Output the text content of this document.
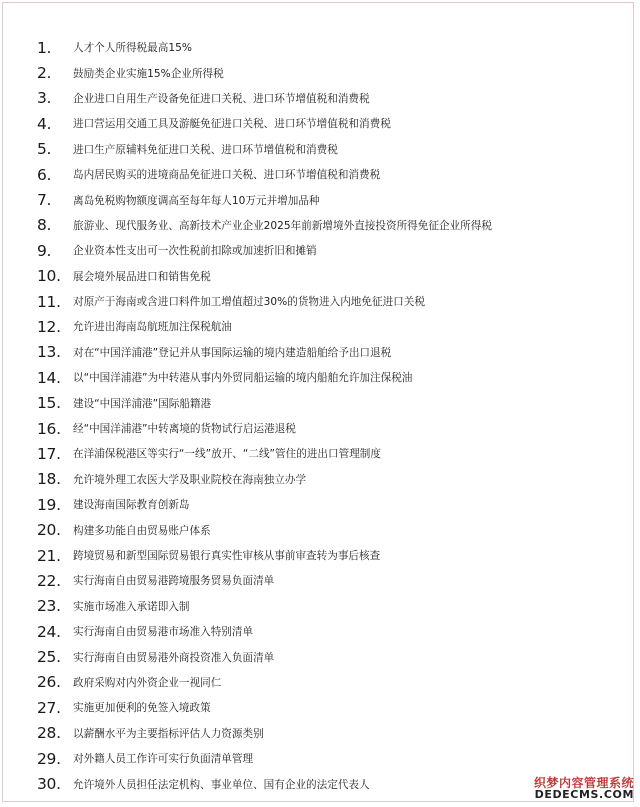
1. 人才个人所得税最高15%
2. 鼓励类企业实施15%企业所得税
3. 企业进口自用生产设备免征进口关税、进口环节增值税和消费税
4. 进口营运用交通工具及游艇免征进口关税、进口环节增值税和消费税
5. 进口生产原辅料免征进口关税、进口环节增值税和消费税
6. 岛内居民购买的进境商品免征进口关税、进口环节增值税和消费税
7. 离岛免税购物额度调高至每年每人10万元并增加品种
8. 旅游业、现代服务业、高新技术产业企业2025年前新增境外直接投资所得免征企业所得税
9. 企业资本性支出可一次性税前扣除或加速折旧和摊销
10. 展会境外展品进口和销售免税
11. 对原产于海南或含进口料件加工增值超过30%的货物进入内地免征进口关税
12. 允许进出海南岛航班加注保税航油
13. 对在“中国洋浦港”登记并从事国际运输的境内建造船舶给予出口退税
14. 以“中国洋浦港”为中转港从事内外贸同船运输的境内船舶允许加注保税油
15. 建设“中国洋浦港”国际船籍港
16. 经“中国洋浦港”中转离境的货物试行启运港退税
17. 在洋浦保税港区等实行“一线”放开、“二线”管住的进出口管理制度
18. 允许境外理工农医大学及职业院校在海南独立办学
19. 建设海南国际教育创新岛
20. 构建多功能自由贸易账户体系
21. 跨境贸易和新型国际贸易银行真实性审核从事前审查转为事后核查
22. 实行海南自由贸易港跨境服务贸易负面清单
23. 实施市场准入承诺即入制
24. 实行海南自由贸易港市场准入特别清单
25. 实行海南自由贸易港外商投资准入负面清单
26. 政府采购对内外资企业一视同仁
27. 实施更加便利的免签入境政策
28. 以薪酬水平为主要指标评估人力资源类别
29. 对外籍人员工作许可实行负面清单管理
30. 允许境外人员担任法定机构、事业单位、国有企业的法定代表人	织梦内容管理系统
DEDECMS.COM
